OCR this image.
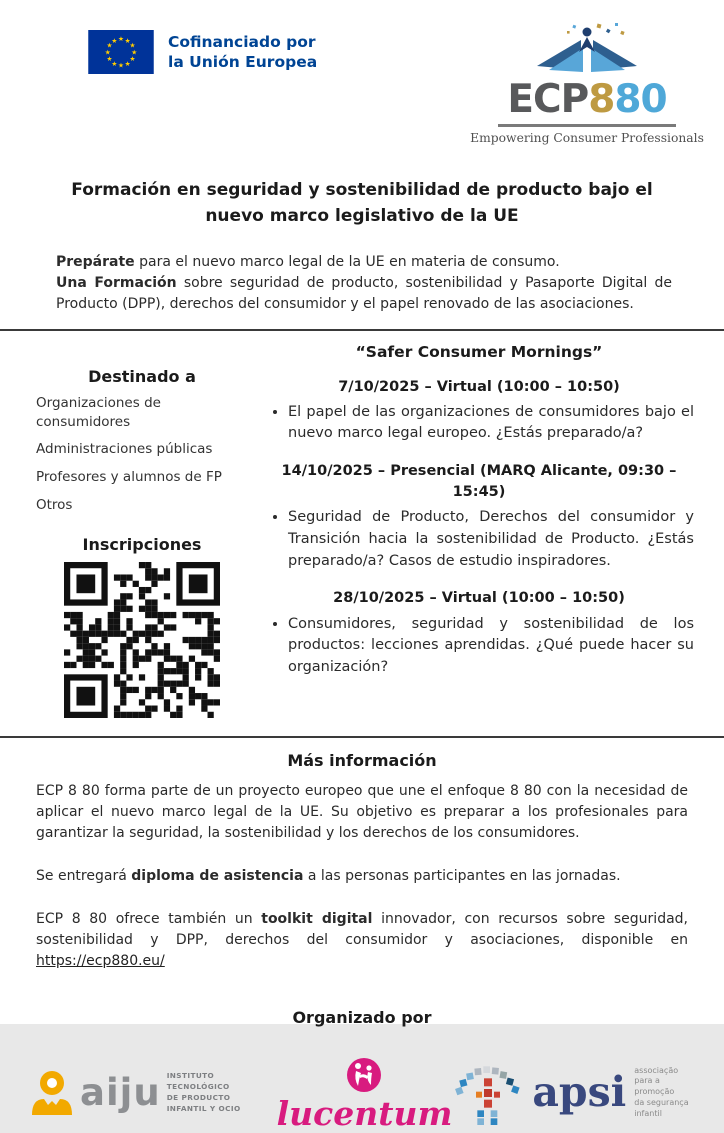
★ ★
★
★
★
★
★
★
★
★
★
★	Cofinanciado por
la Unión Europea
ECP880
Empowering Consumer Professionals
Formación en seguridad y sostenibilidad de producto bajo el nuevo marco legislativo de la UE
Prepárate para el nuevo marco legal de la UE en materia de consumo.
Una Formación sobre seguridad de producto, sostenibilidad y Pasaporte Digital de Producto (DPP), derechos del consumidor y el papel renovado de las asociaciones.
Destinado a
Organizaciones de consumidores
Administraciones públicas
Profesores y alumnos de FP
Otros
Inscripciones
“Safer Consumer Mornings”
7/10/2025 – Virtual (10:00 – 10:50)
• El papel de las organizaciones de consumidores bajo el nuevo marco legal europeo. ¿Estás preparado/a?
14/10/2025 – Presencial (MARQ Alicante, 09:30 – 15:45)
• Seguridad de Producto, Derechos del consumidor y Transición hacia la sostenibilidad de Producto. ¿Estás preparado/a? Casos de estudio inspiradores.
28/10/2025 – Virtual (10:00 – 10:50)
• Consumidores, seguridad y sostenibilidad de los productos: lecciones aprendidas. ¿Qué puede hacer su organización?
Más información

ECP 8 80 forma parte de un proyecto europeo que une el enfoque 8 80 con la necesidad de aplicar el nuevo marco legal de la UE. Su objetivo es preparar a los profesionales para garantizar la seguridad, la sostenibilidad y los derechos de los consumidores.

Se entregará diploma de asistencia a las personas participantes en las jornadas.

ECP 8 80 ofrece también un toolkit digital innovador, con recursos sobre seguridad, sostenibilidad y DPP, derechos del consumidor y asociaciones, disponible en https://ecp880.eu/

Organizado por
aiju INSTITUTO TECNOLÓGICO
DE PRODUCTO
INFANTIL Y OCIO	lucentum apsi associação
para a promoção
da segurança infantil
